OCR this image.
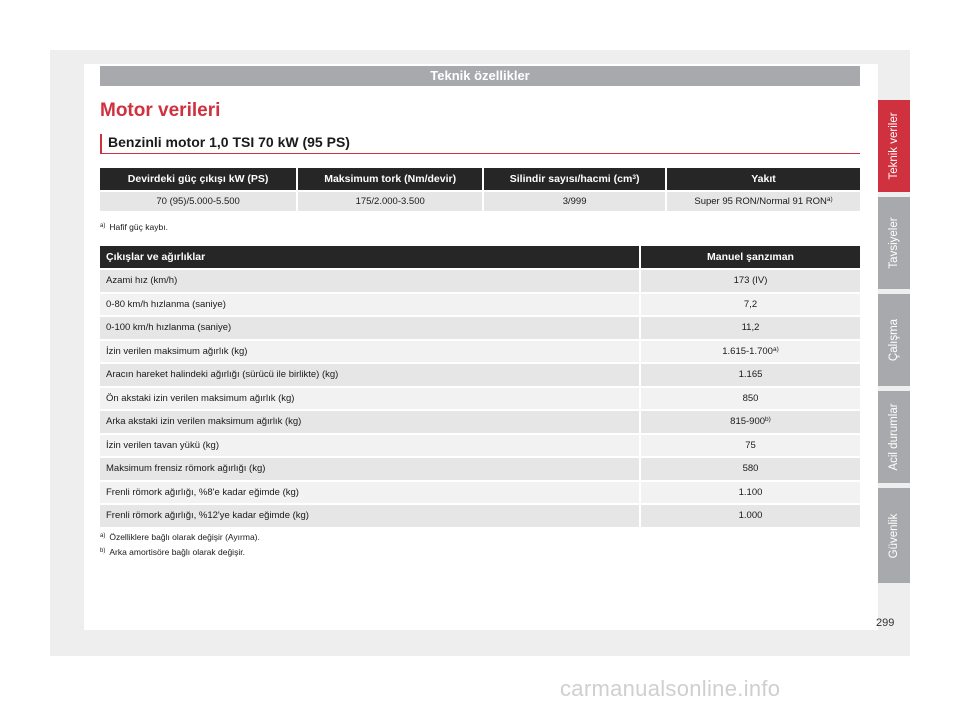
Teknik özellikler
Motor verileri
Benzinli motor 1,0 TSI 70 kW (95 PS)
Devirdeki güç çıkışı kW (PS)	Maksimum tork (Nm/devir)	Silindir sayısı/hacmi $(cm^3)$	Yakıt
70 (95)/5.000-5.500	175/2.000-3.500	3/999	Super 95 RON/Normal 91 RON$^{a)}$
$^{a)}$ Hafif güç kaybı.
Çıkışlar ve ağırlıklar	Manuel şanzıman
Azami hız (km/h)	173 (IV)
0-80 km/h hızlanma (saniye)	7,2
0-100 km/h hızlanma (saniye)	11,2
İzin verilen maksimum ağırlık (kg)	1.615-1.700$^{a)}$
Aracın hareket halindeki ağırlığı (sürücü ile birlikte) (kg)	1.165
Ön akstaki izin verilen maksimum ağırlık (kg)	850
Arka akstaki izin verilen maksimum ağırlık (kg)	815-900$^{b)}$
İzin verilen tavan yükü (kg)	75
Maksimum frensiz römork ağırlığı (kg)	580
Frenli römork ağırlığı, %8'e kadar eğimde (kg)	1.100
Frenli römork ağırlığı, %12'ye kadar eğimde (kg)	1.000
$^{a)}$ Özelliklere bağlı olarak değişir (Ayırma).
$^{b)}$ Arka amortisöre bağlı olarak değişir.
Teknik veriler
Tavsiyeler
Çalışma
Acil durumlar
Güvenlik
299
carmanualsonline.info
